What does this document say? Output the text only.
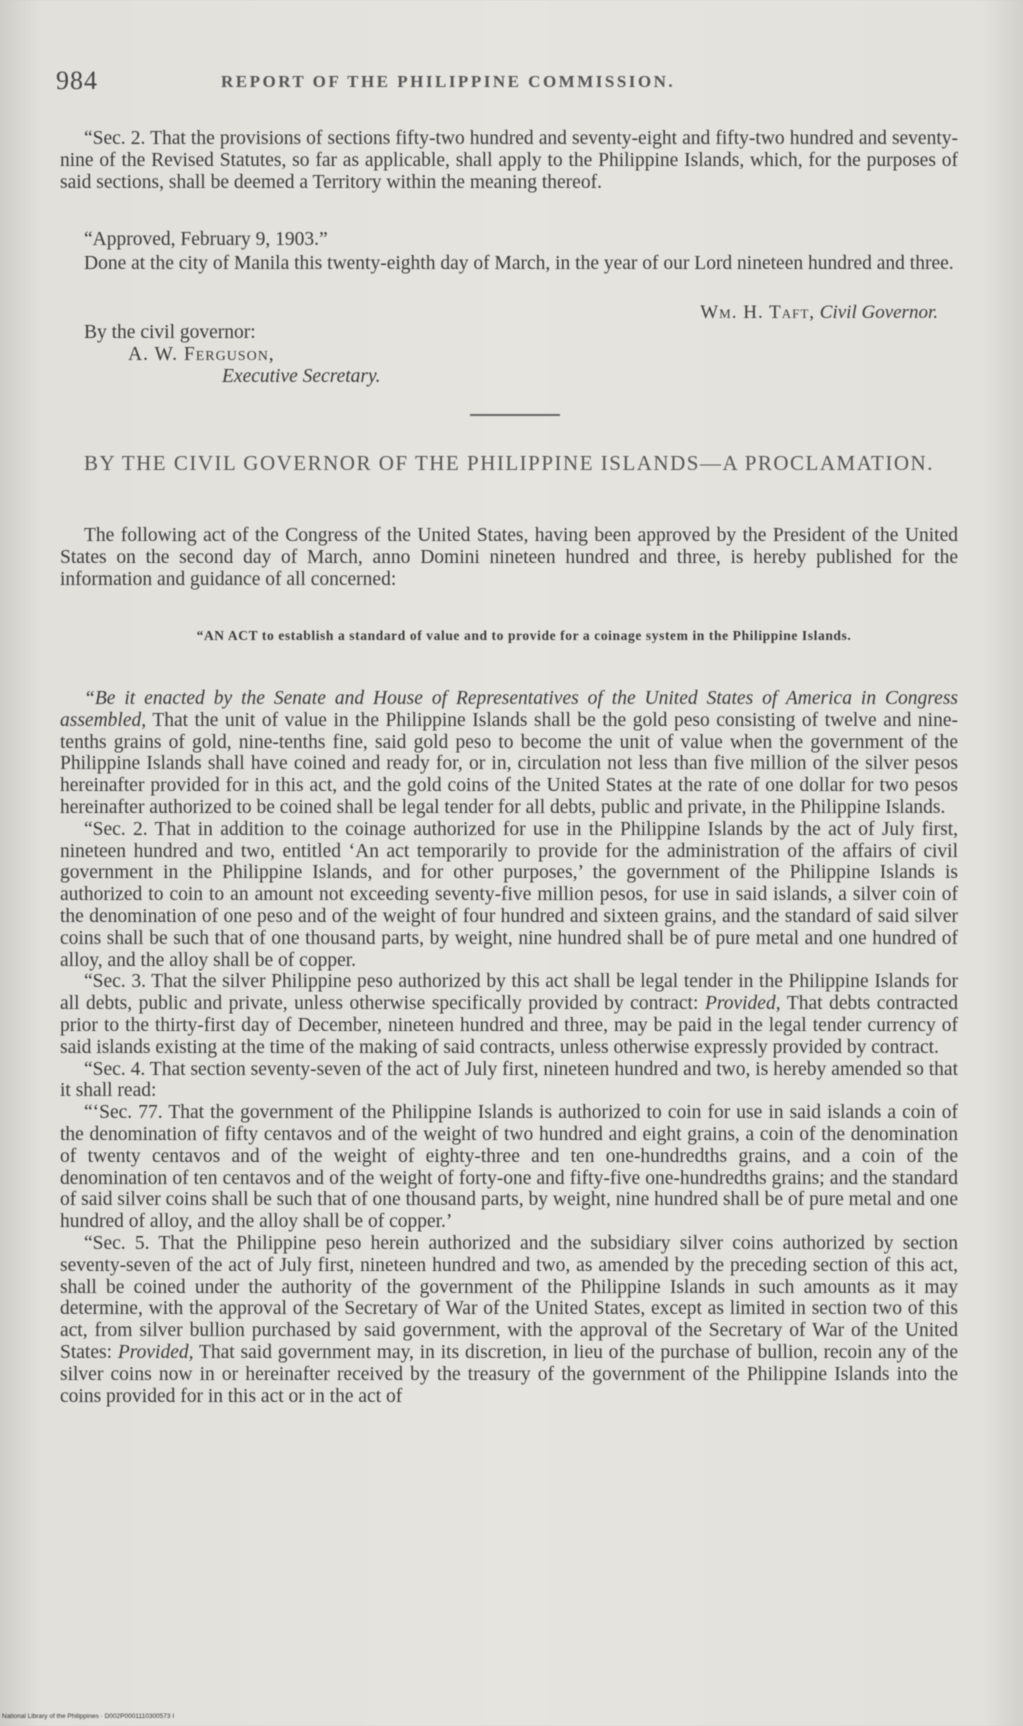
984	REPORT OF THE PHILIPPINE COMMISSION.

“Sec. 2. That the provisions of sections fifty-two hundred and seventy-eight and fifty-two hundred and seventy-nine of the Revised Statutes, so far as applicable, shall apply to the Philippine Islands, which, for the purposes of said sections, shall be deemed a Territory within the meaning thereof.

“Approved, February 9, 1903.”

Done at the city of Manila this twenty-eighth day of March, in the year of our Lord nineteen hundred and three.

Wm. H. Taft, Civil Governor.

By the civil governor:

A. W. Ferguson,

Executive Secretary.

BY THE CIVIL GOVERNOR OF THE PHILIPPINE ISLANDS—A PROCLAMATION.

The following act of the Congress of the United States, having been approved by the President of the United States on the second day of March, anno Domini nineteen hundred and three, is hereby published for the information and guidance of all concerned:

“AN ACT to establish a standard of value and to provide for a coinage system in the Philippine Islands.

“Be it enacted by the Senate and House of Representatives of the United States of America in Congress assembled, That the unit of value in the Philippine Islands shall be the gold peso consisting of twelve and nine-tenths grains of gold, nine-tenths fine, said gold peso to become the unit of value when the government of the Philippine Islands shall have coined and ready for, or in, circulation not less than five million of the silver pesos hereinafter provided for in this act, and the gold coins of the United States at the rate of one dollar for two pesos hereinafter authorized to be coined shall be legal tender for all debts, public and private, in the Philippine Islands.

“Sec. 2. That in addition to the coinage authorized for use in the Philippine Islands by the act of July first, nineteen hundred and two, entitled ‘An act temporarily to provide for the administration of the affairs of civil government in the Philippine Islands, and for other purposes,’ the government of the Philippine Islands is authorized to coin to an amount not exceeding seventy-five million pesos, for use in said islands, a silver coin of the denomination of one peso and of the weight of four hundred and sixteen grains, and the standard of said silver coins shall be such that of one thousand parts, by weight, nine hundred shall be of pure metal and one hundred of alloy, and the alloy shall be of copper.

“Sec. 3. That the silver Philippine peso authorized by this act shall be legal tender in the Philippine Islands for all debts, public and private, unless otherwise specifically provided by contract: Provided, That debts contracted prior to the thirty-first day of December, nineteen hundred and three, may be paid in the legal tender currency of said islands existing at the time of the making of said contracts, unless otherwise expressly provided by contract.

“Sec. 4. That section seventy-seven of the act of July first, nineteen hundred and two, is hereby amended so that it shall read:

“‘Sec. 77. That the government of the Philippine Islands is authorized to coin for use in said islands a coin of the denomination of fifty centavos and of the weight of two hundred and eight grains, a coin of the denomination of twenty centavos and of the weight of eighty-three and ten one-hundredths grains, and a coin of the denomination of ten centavos and of the weight of forty-one and fifty-five one-hundredths grains; and the standard of said silver coins shall be such that of one thousand parts, by weight, nine hundred shall be of pure metal and one hundred of alloy, and the alloy shall be of copper.’

“Sec. 5. That the Philippine peso herein authorized and the subsidiary silver coins authorized by section seventy-seven of the act of July first, nineteen hundred and two, as amended by the preceding section of this act, shall be coined under the authority of the government of the Philippine Islands in such amounts as it may determine, with the approval of the Secretary of War of the United States, except as limited in section two of this act, from silver bullion purchased by said government, with the approval of the Secretary of War of the United States: Provided, That said government may, in its discretion, in lieu of the purchase of bullion, recoin any of the silver coins now in or hereinafter received by the treasury of the government of the Philippine Islands into the coins provided for in this act or in the act of

National Library of the Philippines · D002P0001110300573 I
